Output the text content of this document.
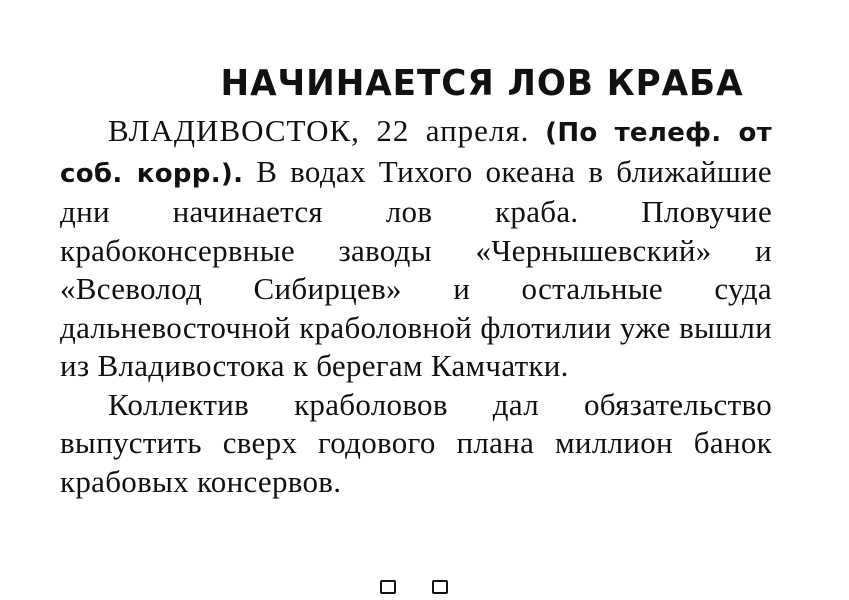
НАЧИНАЕТСЯ ЛОВ КРАБА

ВЛАДИВОСТОК, 22 апреля. (По телеф. от соб. корр.). В водах Тихого океана в ближайшие дни начинается лов краба. Пловучие крабоконсервные заводы «Чернышевский» и «Всеволод Сибирцев» и остальные суда дальневосточной краболовной флотилии уже вышли из Владивостока к берегам Камчатки.

Коллектив краболовов дал обязательство выпустить сверх годового плана миллион банок крабовых консервов.
